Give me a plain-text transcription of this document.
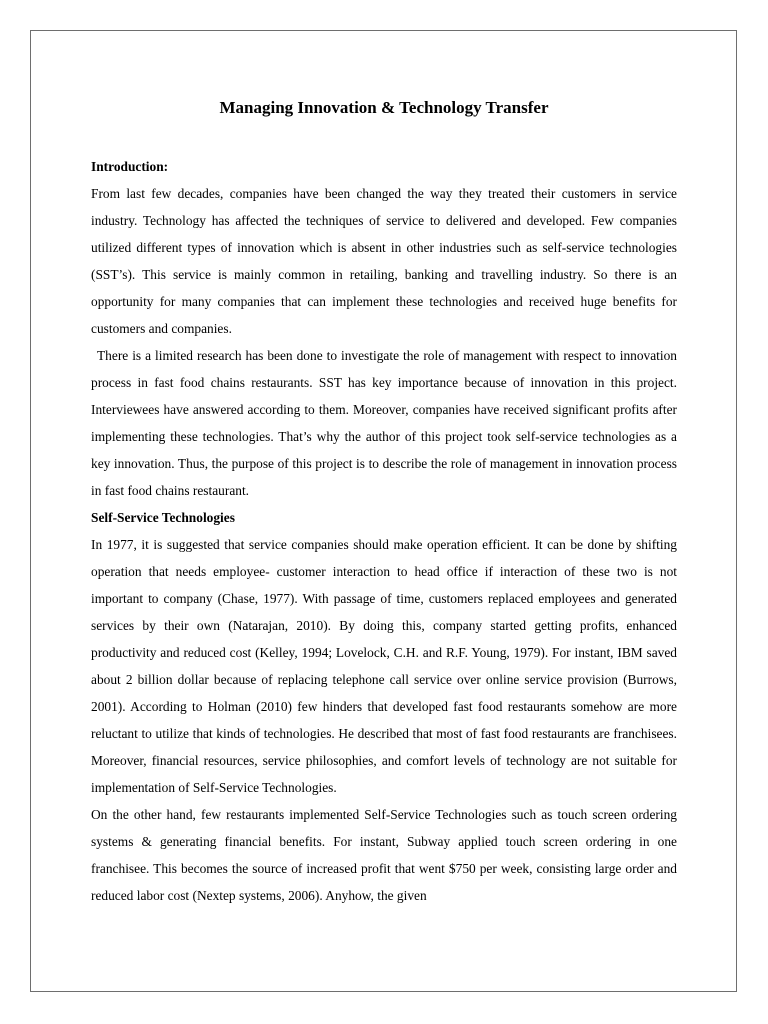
Managing Innovation & Technology Transfer
Introduction:

From last few decades, companies have been changed the way they treated their customers in service industry. Technology has affected the techniques of service to delivered and developed. Few companies utilized different types of innovation which is absent in other industries such as self-service technologies (SST’s). This service is mainly common in retailing, banking and travelling industry. So there is an opportunity for many companies that can implement these technologies and received huge benefits for customers and companies.

There is a limited research has been done to investigate the role of management with respect to innovation process in fast food chains restaurants. SST has key importance because of innovation in this project. Interviewees have answered according to them. Moreover, companies have received significant profits after implementing these technologies. That’s why the author of this project took self-service technologies as a key innovation. Thus, the purpose of this project is to describe the role of management in innovation process in fast food chains restaurant.

Self-Service Technologies

In 1977, it is suggested that service companies should make operation efficient. It can be done by shifting operation that needs employee- customer interaction to head office if interaction of these two is not important to company (Chase, 1977). With passage of time, customers replaced employees and generated services by their own (Natarajan, 2010). By doing this, company started getting profits, enhanced productivity and reduced cost (Kelley, 1994; Lovelock, C.H. and R.F. Young, 1979). For instant, IBM saved about 2 billion dollar because of replacing telephone call service over online service provision (Burrows, 2001). According to Holman (2010) few hinders that developed fast food restaurants somehow are more reluctant to utilize that kinds of technologies. He described that most of fast food restaurants are franchisees. Moreover, financial resources, service philosophies, and comfort levels of technology are not suitable for implementation of Self-Service Technologies.

On the other hand, few restaurants implemented Self-Service Technologies such as touch screen ordering systems & generating financial benefits. For instant, Subway applied touch screen ordering in one franchisee. This becomes the source of increased profit that went $750 per week, consisting large order and reduced labor cost (Nextep systems, 2006). Anyhow, the given
